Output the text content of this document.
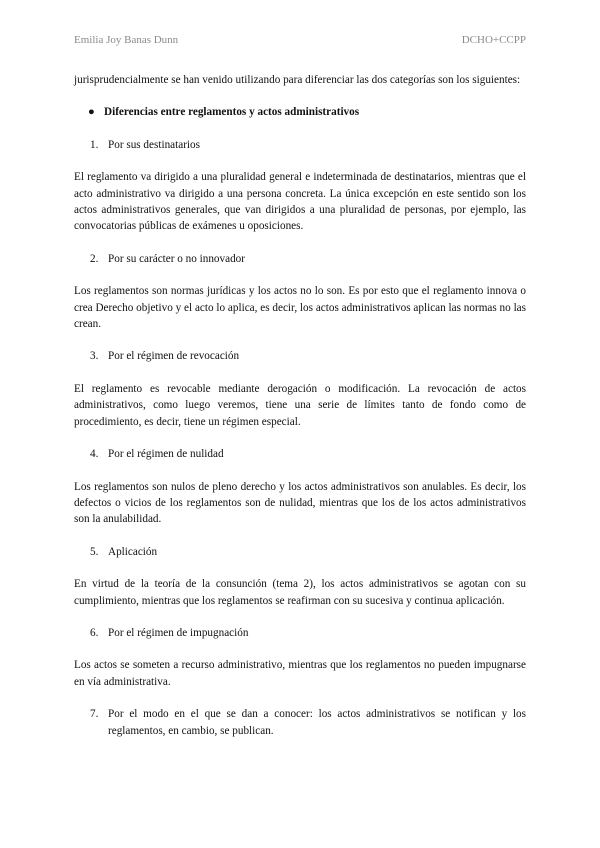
Emilia Joy Banas Dunn	DCHO+CCPP

jurisprudencialmente se han venido utilizando para diferenciar las dos categorías son los siguientes:

● Diferencias entre reglamentos y actos administrativos
1. Por sus destinatarios

El reglamento va dirigido a una pluralidad general e indeterminada de destinatarios, mientras que el acto administrativo va dirigido a una persona concreta. La única excepción en este sentido son los actos administrativos generales, que van dirigidos a una pluralidad de personas, por ejemplo, las convocatorias públicas de exámenes u oposiciones.

2. Por su carácter o no innovador

Los reglamentos son normas jurídicas y los actos no lo son. Es por esto que el reglamento innova o crea Derecho objetivo y el acto lo aplica, es decir, los actos administrativos aplican las normas no las crean.

3. Por el régimen de revocación

El reglamento es revocable mediante derogación o modificación. La revocación de actos administrativos, como luego veremos, tiene una serie de límites tanto de fondo como de procedimiento, es decir, tiene un régimen especial.

4. Por el régimen de nulidad

Los reglamentos son nulos de pleno derecho y los actos administrativos son anulables. Es decir, los defectos o vicios de los reglamentos son de nulidad, mientras que los de los actos administrativos son la anulabilidad.

5. Aplicación

En virtud de la teoría de la consunción (tema 2), los actos administrativos se agotan con su cumplimiento, mientras que los reglamentos se reafirman con su sucesiva y continua aplicación.

6. Por el régimen de impugnación

Los actos se someten a recurso administrativo, mientras que los reglamentos no pueden impugnarse en vía administrativa.

7. Por el modo en el que se dan a conocer: los actos administrativos se notifican y los reglamentos, en cambio, se publican.
